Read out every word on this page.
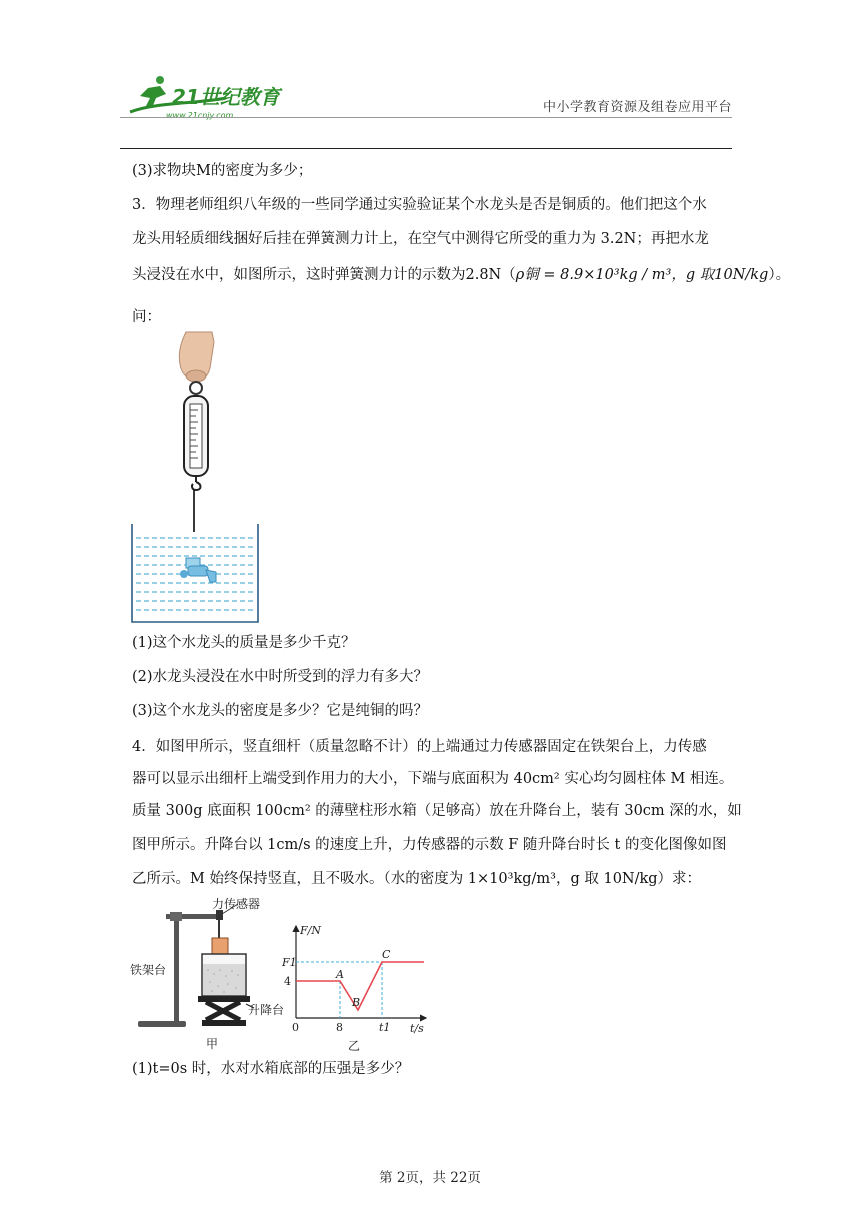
21世纪教育
www.21cnjy.com
中小学教育资源及组卷应用平台
(3)求物块M的密度为多少；
3．物理老师组织八年级的一些同学通过实验验证某个水龙头是否是铜质的。他们把这个水
龙头用轻质细线捆好后挂在弹簧测力计上，在空气中测得它所受的重力为 3.2N；再把水龙
头浸没在水中，如图所示，这时弹簧测力计的示数为2.8N（ρ铜 = 8.9×10³kg / m³，g 取10N/kg）。
问：
(1)这个水龙头的质量是多少千克？
(2)水龙头浸没在水中时所受到的浮力有多大？
(3)这个水龙头的密度是多少？它是纯铜的吗？
4．如图甲所示，竖直细杆（质量忽略不计）的上端通过力传感器固定在铁架台上，力传感
器可以显示出细杆上端受到作用力的大小，下端与底面积为 40cm² 实心均匀圆柱体 M 相连。
质量 300g 底面积 100cm² 的薄壁柱形水箱（足够高）放在升降台上，装有 30cm 深的水，如
图甲所示。升降台以 1cm/s 的速度上升，力传感器的示数 F 随升降台时长 t 的变化图像如图
乙所示。M 始终保持竖直，且不吸水。（水的密度为 1×10³kg/m³，g 取 10N/kg）求：
力传感器
升降台
铁架台
甲
F/N
t/s
F1
4
0	8	t1
A
B
C
乙
(1)t=0s 时，水对水箱底部的压强是多少？
第 2页，共 22页
